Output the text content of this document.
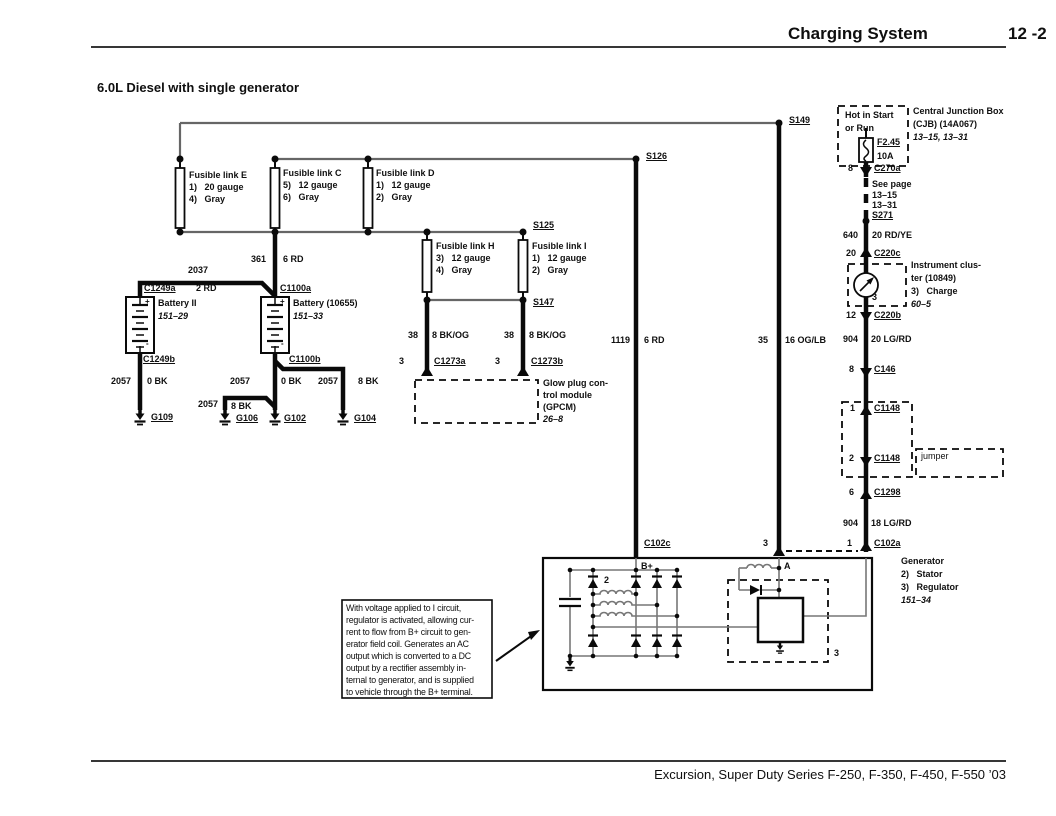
Charging System	12 -2
6.0L Diesel with single generator
Excursion, Super Duty Series F-250, F-350, F-450, F-550 ’03
S149
S126
S125
S147
S271
Fusible link E
1)   20 gauge
4)   Gray
Fusible link C
5)   12 gauge
6)   Gray
Fusible link D
1)   12 gauge
2)   Gray
Fusible link H
3)   12 gauge
4)   Gray
Fusible link I
1)   12 gauge
2)   Gray
Hot in Start
or Run
F2.45
10A
Central Junction Box
(CJB) (14A067)
13–15, 13–31
8 C270a
See page
13–15
13–31
20 C220c
3
12 C220b
Instrument clus-
ter (10849)
3)   Charge
60–5
8 C146
1 C1148
2 C1148 jumper
6 C1298
1 C102a
640 20 RD/YE
904 20 LG/RD
904 18 LG/RD
361 6 RD
2037
2 RD
1119 6 RD	35 16 OG/LB
2057 0 BK	2057	0 BK	2057 8 BK
2057 8 BK
38 8 BK/OG	38 8 BK/OG
C1249a
Battery II
151–29
C1249b
+
-
C1100a
Battery (10655)
151–33
C1100b
+
-
G109	G106	G102	G104
3	C1273a	3	C1273b
Glow plug con-
trol module
(GPCM)
26–8
C102c	3
B+	A	I	Generator
2)   Stator
3)   Regulator
151–34
2
3
With voltage applied to I circuit,
regulator is activated, allowing cur-
rent to flow from B+ circuit to gen-
erator field coil. Generates an AC
output which is converted to a DC
output by a rectifier assembly in-
ternal to generator, and is supplied
to vehicle through the B+ terminal.
